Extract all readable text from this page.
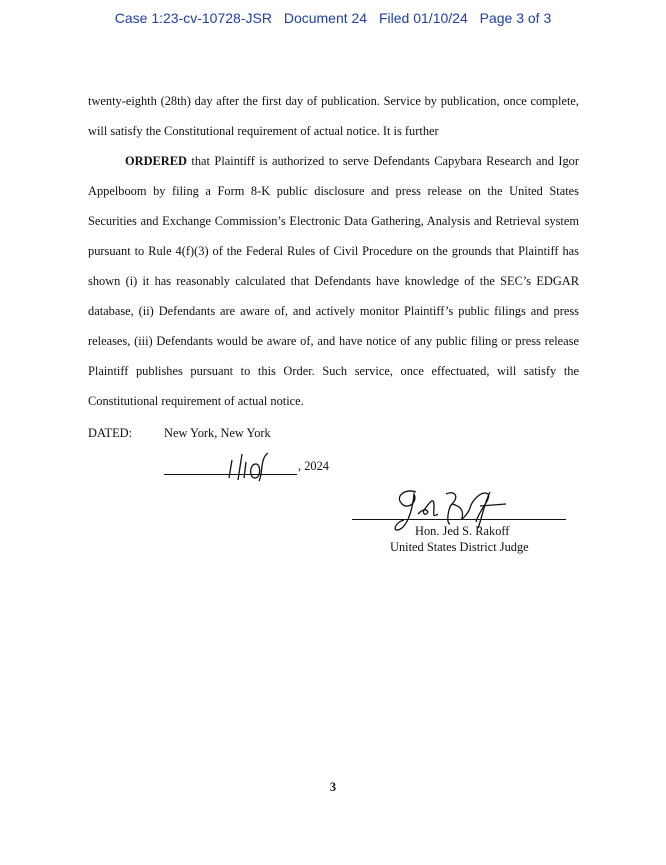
Case 1:23-cv-10728-JSR Document 24 Filed 01/10/24 Page 3 of 3

twenty-eighth (28th) day after the first day of publication. Service by publication, once complete, will satisfy the Constitutional requirement of actual notice. It is further

ORDERED that Plaintiff is authorized to serve Defendants Capybara Research and Igor Appelboom by filing a Form 8-K public disclosure and press release on the United States Securities and Exchange Commission’s Electronic Data Gathering, Analysis and Retrieval system pursuant to Rule 4(f)(3) of the Federal Rules of Civil Procedure on the grounds that Plaintiff has shown (i) it has reasonably calculated that Defendants have knowledge of the SEC’s EDGAR database, (ii) Defendants are aware of, and actively monitor Plaintiff’s public filings and press releases, (iii) Defendants would be aware of, and have notice of any public filing or press release Plaintiff publishes pursuant to this Order. Such service, once effectuated, will satisfy the Constitutional requirement of actual notice.

DATED:	New York, New York
, 2024
Hon. Jed S. Rakoff
United States District Judge
3
